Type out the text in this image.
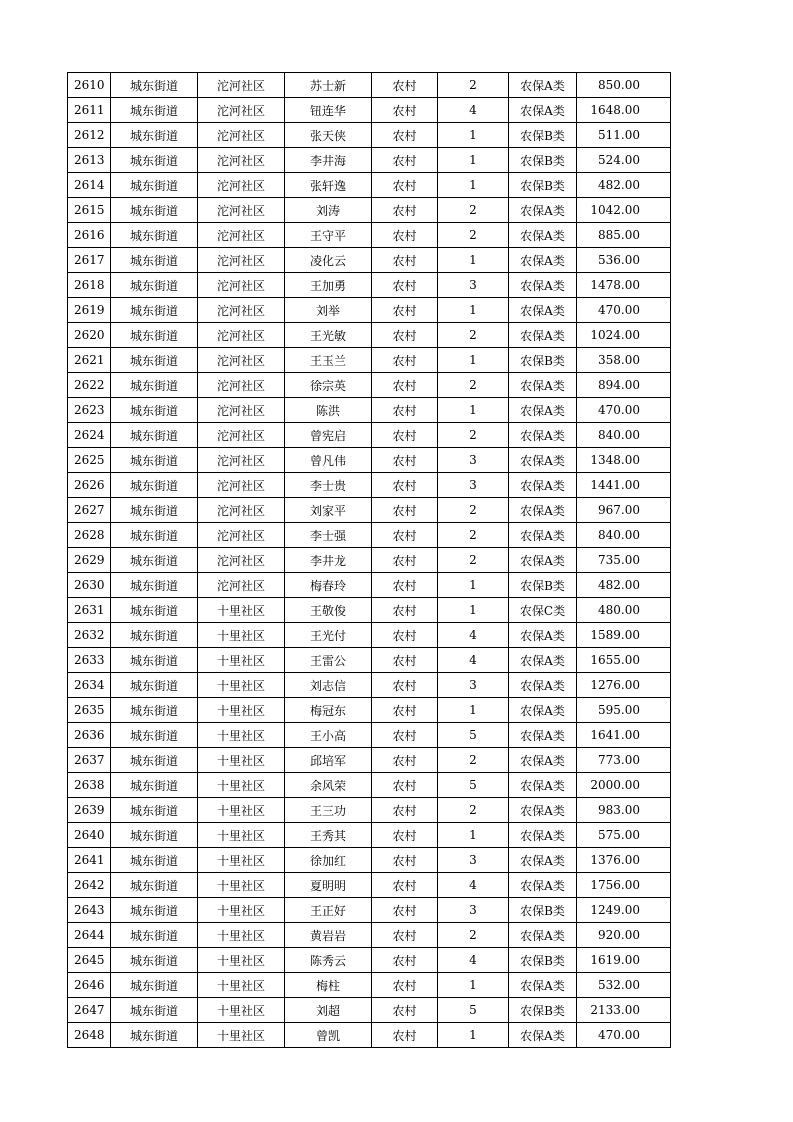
2610	城东街道	沱河社区	苏士新	农村	2	农保A类	850.00
2611	城东街道	沱河社区	钮连华	农村	4	农保A类	1648.00
2612	城东街道	沱河社区	张天侠	农村	1	农保B类	511.00
2613	城东街道	沱河社区	李井海	农村	1	农保B类	524.00
2614	城东街道	沱河社区	张轩逸	农村	1	农保B类	482.00
2615	城东街道	沱河社区	刘涛	农村	2	农保A类	1042.00
2616	城东街道	沱河社区	王守平	农村	2	农保A类	885.00
2617	城东街道	沱河社区	凌化云	农村	1	农保A类	536.00
2618	城东街道	沱河社区	王加勇	农村	3	农保A类	1478.00
2619	城东街道	沱河社区	刘举	农村	1	农保A类	470.00
2620	城东街道	沱河社区	王光敏	农村	2	农保A类	1024.00
2621	城东街道	沱河社区	王玉兰	农村	1	农保B类	358.00
2622	城东街道	沱河社区	徐宗英	农村	2	农保A类	894.00
2623	城东街道	沱河社区	陈洪	农村	1	农保A类	470.00
2624	城东街道	沱河社区	曾宪启	农村	2	农保A类	840.00
2625	城东街道	沱河社区	曾凡伟	农村	3	农保A类	1348.00
2626	城东街道	沱河社区	李士贵	农村	3	农保A类	1441.00
2627	城东街道	沱河社区	刘家平	农村	2	农保A类	967.00
2628	城东街道	沱河社区	李士强	农村	2	农保A类	840.00
2629	城东街道	沱河社区	李井龙	农村	2	农保A类	735.00
2630	城东街道	沱河社区	梅春玲	农村	1	农保B类	482.00
2631	城东街道	十里社区	王敬俊	农村	1	农保C类	480.00
2632	城东街道	十里社区	王光付	农村	4	农保A类	1589.00
2633	城东街道	十里社区	王雷公	农村	4	农保A类	1655.00
2634	城东街道	十里社区	刘志信	农村	3	农保A类	1276.00
2635	城东街道	十里社区	梅冠东	农村	1	农保A类	595.00
2636	城东街道	十里社区	王小高	农村	5	农保A类	1641.00
2637	城东街道	十里社区	邱培军	农村	2	农保A类	773.00
2638	城东街道	十里社区	余风荣	农村	5	农保A类	2000.00
2639	城东街道	十里社区	王三功	农村	2	农保A类	983.00
2640	城东街道	十里社区	王秀其	农村	1	农保A类	575.00
2641	城东街道	十里社区	徐加红	农村	3	农保A类	1376.00
2642	城东街道	十里社区	夏明明	农村	4	农保A类	1756.00
2643	城东街道	十里社区	王正好	农村	3	农保B类	1249.00
2644	城东街道	十里社区	黄岩岩	农村	2	农保A类	920.00
2645	城东街道	十里社区	陈秀云	农村	4	农保B类	1619.00
2646	城东街道	十里社区	梅柱	农村	1	农保A类	532.00
2647	城东街道	十里社区	刘超	农村	5	农保B类	2133.00
2648	城东街道	十里社区	曾凯	农村	1	农保A类	470.00
